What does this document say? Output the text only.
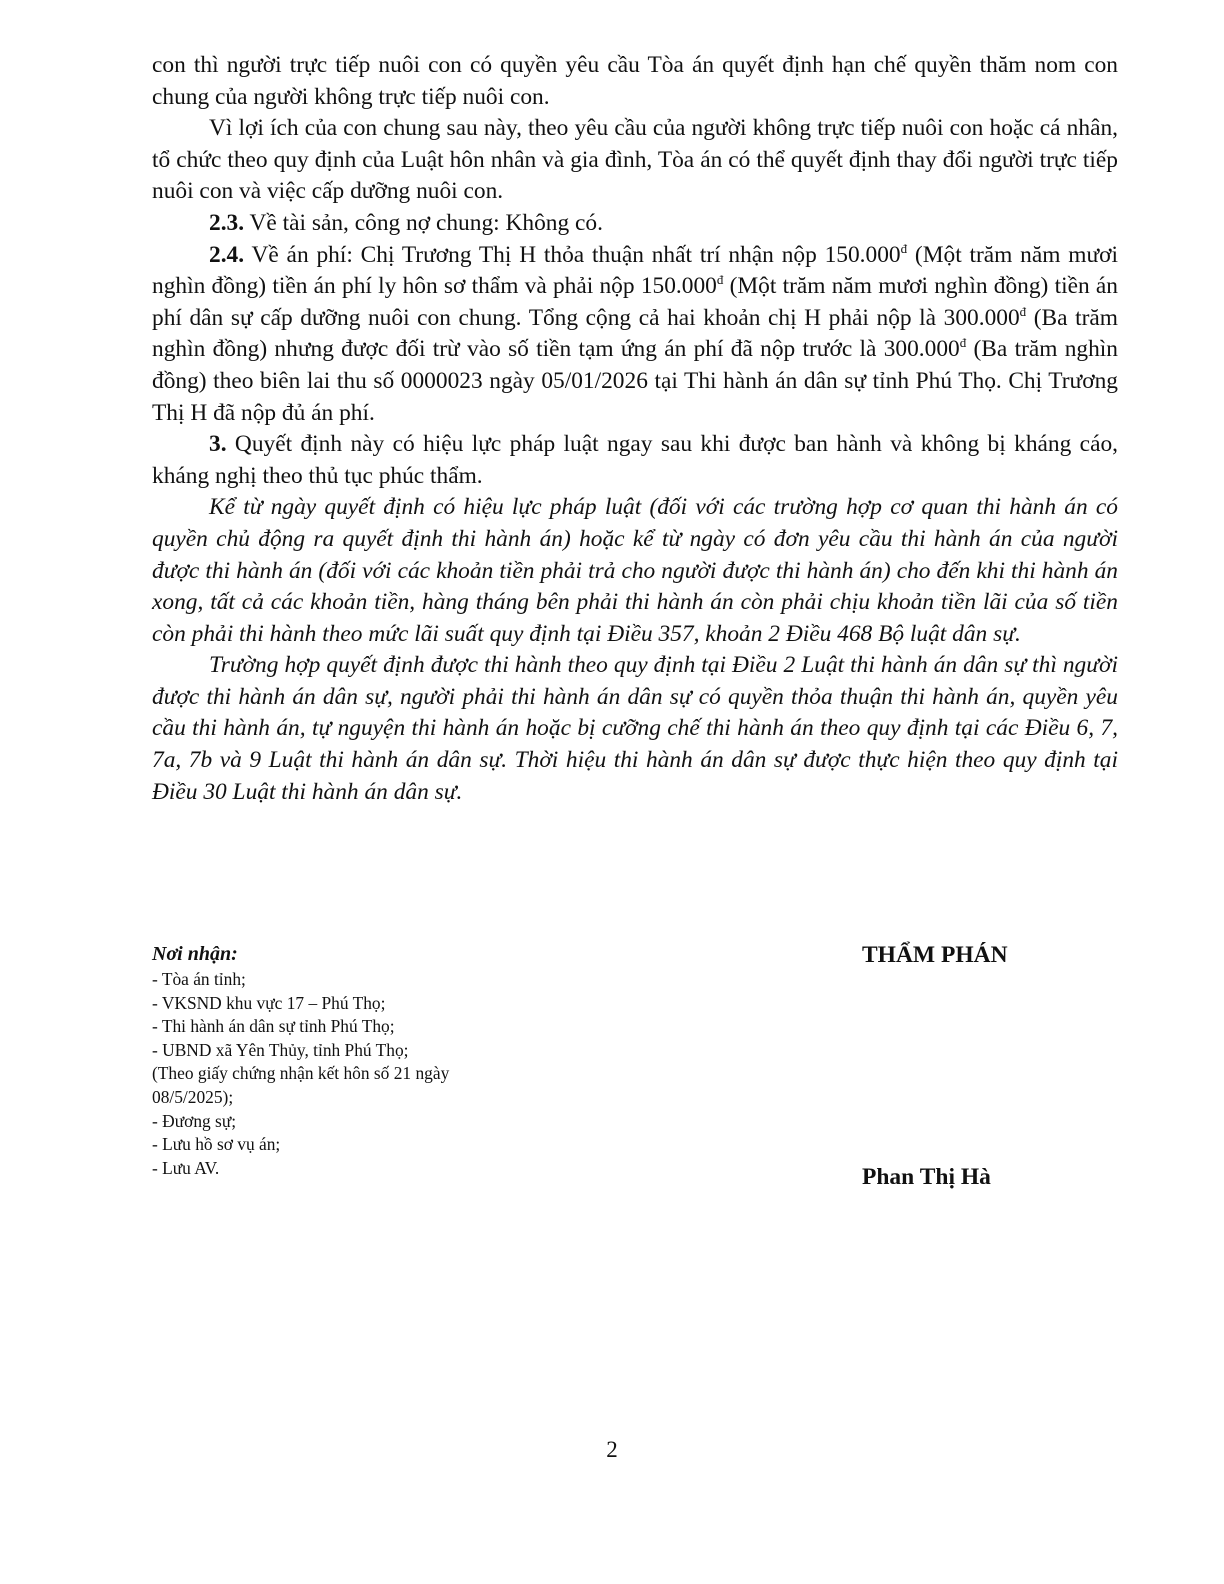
con thì người trực tiếp nuôi con có quyền yêu cầu Tòa án quyết định hạn chế quyền thăm nom con chung của người không trực tiếp nuôi con.

Vì lợi ích của con chung sau này, theo yêu cầu của người không trực tiếp nuôi con hoặc cá nhân, tổ chức theo quy định của Luật hôn nhân và gia đình, Tòa án có thể quyết định thay đổi người trực tiếp nuôi con và việc cấp dưỡng nuôi con.

2.3. Về tài sản, công nợ chung: Không có.

2.4. Về án phí: Chị Trương Thị H thỏa thuận nhất trí nhận nộp $150.000^đ$ (Một trăm năm mươi nghìn đồng) tiền án phí ly hôn sơ thẩm và phải nộp $150.000^đ$ (Một trăm năm mươi nghìn đồng) tiền án phí dân sự cấp dưỡng nuôi con chung. Tổng cộng cả hai khoản chị H phải nộp là $300.000^đ$ (Ba trăm nghìn đồng) nhưng được đối trừ vào số tiền tạm ứng án phí đã nộp trước là $300.000^đ$ (Ba trăm nghìn đồng) theo biên lai thu số 0000023 ngày 05/01/2026 tại Thi hành án dân sự tỉnh Phú Thọ. Chị Trương Thị H đã nộp đủ án phí.

3. Quyết định này có hiệu lực pháp luật ngay sau khi được ban hành và không bị kháng cáo, kháng nghị theo thủ tục phúc thẩm.

Kể từ ngày quyết định có hiệu lực pháp luật (đối với các trường hợp cơ quan thi hành án có quyền chủ động ra quyết định thi hành án) hoặc kể từ ngày có đơn yêu cầu thi hành án của người được thi hành án (đối với các khoản tiền phải trả cho người được thi hành án) cho đến khi thi hành án xong, tất cả các khoản tiền, hàng tháng bên phải thi hành án còn phải chịu khoản tiền lãi của số tiền còn phải thi hành theo mức lãi suất quy định tại Điều 357, khoản 2 Điều 468 Bộ luật dân sự.

Trường hợp quyết định được thi hành theo quy định tại Điều 2 Luật thi hành án dân sự thì người được thi hành án dân sự, người phải thi hành án dân sự có quyền thỏa thuận thi hành án, quyền yêu cầu thi hành án, tự nguyện thi hành án hoặc bị cưỡng chế thi hành án theo quy định tại các Điều 6, 7, 7a, 7b và 9 Luật thi hành án dân sự. Thời hiệu thi hành án dân sự được thực hiện theo quy định tại Điều 30 Luật thi hành án dân sự.

Nơi nhận:
- Tòa án tỉnh;
- VKSND khu vực 17 – Phú Thọ;
- Thi hành án dân sự tỉnh Phú Thọ;
- UBND xã Yên Thủy, tỉnh Phú Thọ;
(Theo giấy chứng nhận kết hôn số 21 ngày 08/5/2025);
- Đương sự;
- Lưu hồ sơ vụ án;
- Lưu AV.
THẨM PHÁN
Phan Thị Hà
2
